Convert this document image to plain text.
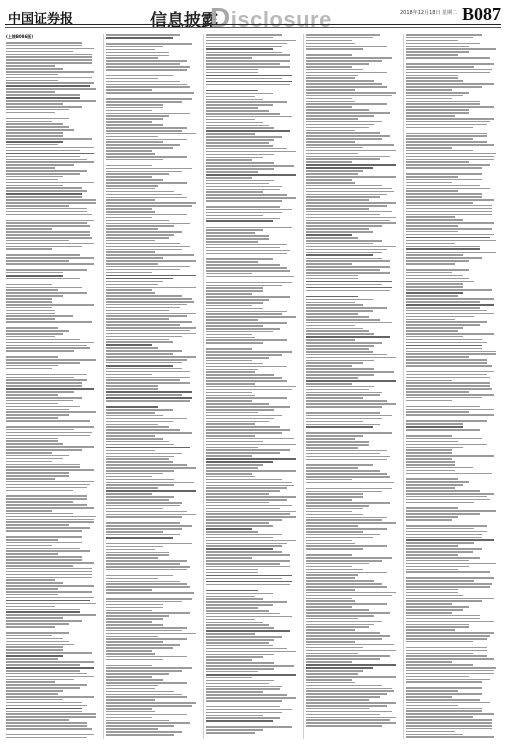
中国证券报	信息披露
Disclosure	2018年12月18日 星期二 B087
(上接B086版)
